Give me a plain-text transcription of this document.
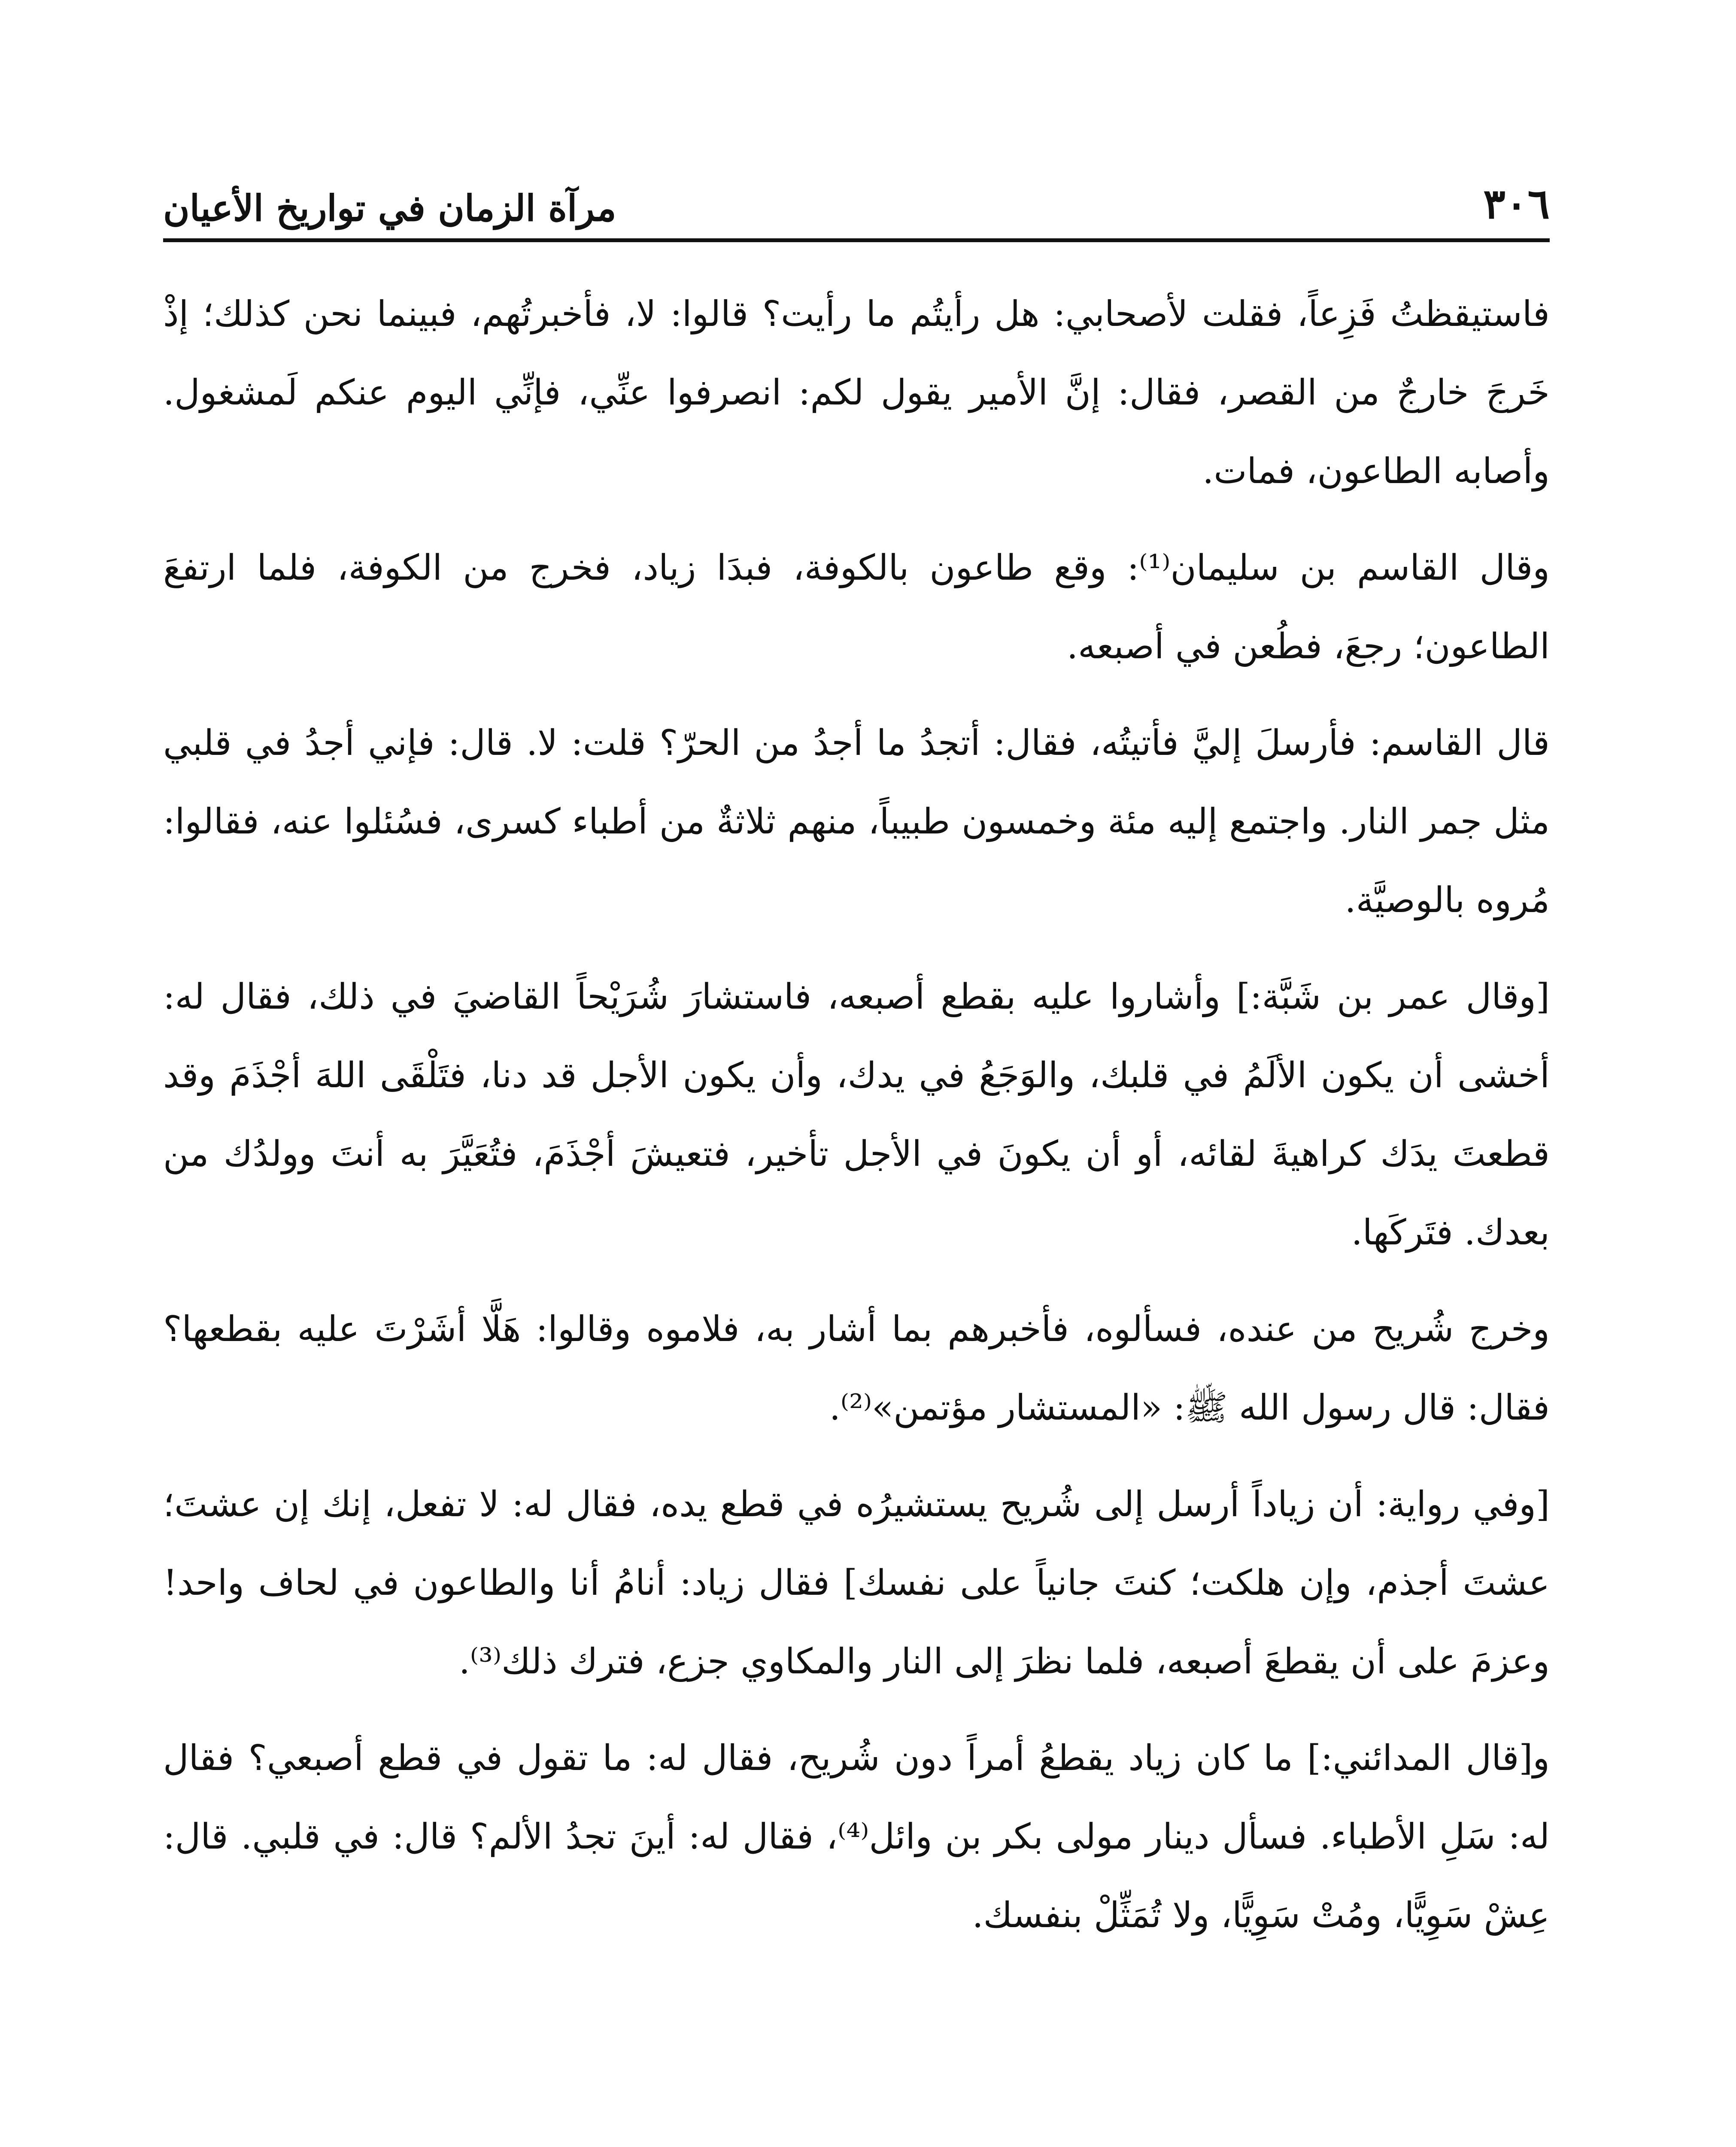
٣٠٦
مرآة الزمان في تواريخ الأعيان

فاستيقظتُ فَزِعاً، فقلت لأصحابي: هل رأيتُم ما رأيت؟ قالوا: لا، فأخبرتُهم، فبينما نحن كذلك؛ إذْ خَرجَ خارجٌ من القصر، فقال: إنَّ الأمير يقول لكم: انصرفوا عنِّي، فإنِّي اليوم عنكم لَمشغول. وأصابه الطاعون، فمات.

وقال القاسم بن سليمان⁽¹⁾: وقع طاعون بالكوفة، فبدَا زياد، فخرج من الكوفة، فلما ارتفعَ الطاعون؛ رجعَ، فطُعن في أصبعه.

قال القاسم: فأرسلَ إليَّ فأتيتُه، فقال: أتجدُ ما أجدُ من الحرّ؟ قلت: لا. قال: فإني أجدُ في قلبي مثل جمر النار. واجتمع إليه مئة وخمسون طبيباً، منهم ثلاثةٌ من أطباء كسرى، فسُئلوا عنه، فقالوا: مُروه بالوصيَّة.

[وقال عمر بن شَبَّة:] وأشاروا عليه بقطع أصبعه، فاستشارَ شُرَيْحاً القاضيَ في ذلك، فقال له: أخشى أن يكون الألَمُ في قلبك، والوَجَعُ في يدك، وأن يكون الأجل قد دنا، فتَلْقَى اللهَ أجْذَمَ وقد قطعتَ يدَك كراهيةَ لقائه، أو أن يكونَ في الأجل تأخير، فتعيشَ أجْذَمَ، فتُعَيَّرَ به أنتَ وولدُك من بعدك. فتَركَها.

وخرج شُريح من عنده، فسألوه، فأخبرهم بما أشار به، فلاموه وقالوا: هَلَّا أشَرْتَ عليه بقطعها؟ فقال: قال رسول الله ﷺ: «المستشار مؤتمن»⁽²⁾.

[وفي رواية: أن زياداً أرسل إلى شُريح يستشيرُه في قطع يده، فقال له: لا تفعل، إنك إن عشتَ؛ عشتَ أجذم، وإن هلكت؛ كنتَ جانياً على نفسك] فقال زياد: أنامُ أنا والطاعون في لحاف واحد! وعزمَ على أن يقطعَ أصبعه، فلما نظرَ إلى النار والمكاوي جزع، فترك ذلك⁽³⁾.

و[قال المدائني:] ما كان زياد يقطعُ أمراً دون شُريح، فقال له: ما تقول في قطع أصبعي؟ فقال له: سَلِ الأطباء. فسأل دينار مولى بكر بن وائل⁽⁴⁾، فقال له: أينَ تجدُ الألم؟ قال: في قلبي. قال: عِشْ سَوِيًّا، ومُتْ سَوِيًّا، ولا تُمَثِّلْ بنفسك.
